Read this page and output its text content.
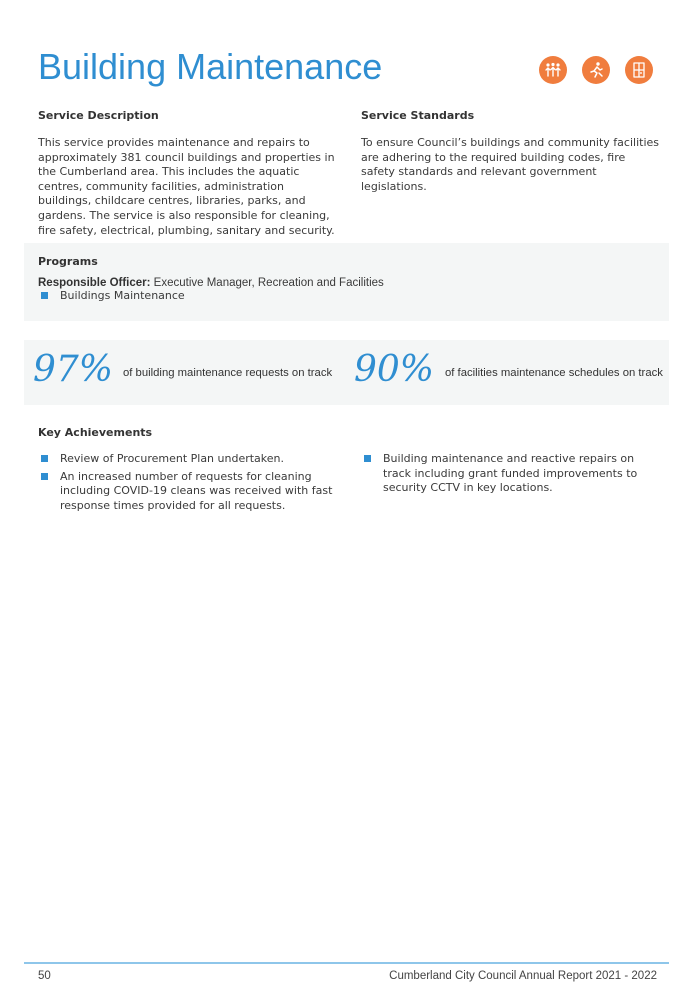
Building Maintenance
Service Description

This service provides maintenance and repairs to approximately 381 council buildings and properties in the Cumberland area. This includes the aquatic centres, community facilities, administration buildings, childcare centres, libraries, parks, and gardens. The service is also responsible for cleaning, fire safety, electrical, plumbing, sanitary and security.

Service Standards

To ensure Council’s buildings and community facilities are adhering to the required building codes, fire safety standards and relevant government legislations.

Programs
Responsible Officer: Executive Manager, Recreation and Facilities
Buildings Maintenance
97% of building maintenance requests on track 90% of facilities maintenance schedules on track
Key Achievements
Review of Procurement Plan undertaken.
An increased number of requests for cleaning including COVID-19 cleans was received with fast response times provided for all requests.
Building maintenance and reactive repairs on track including grant funded improvements to security CCTV in key locations.
50	Cumberland City Council Annual Report 2021 - 2022
